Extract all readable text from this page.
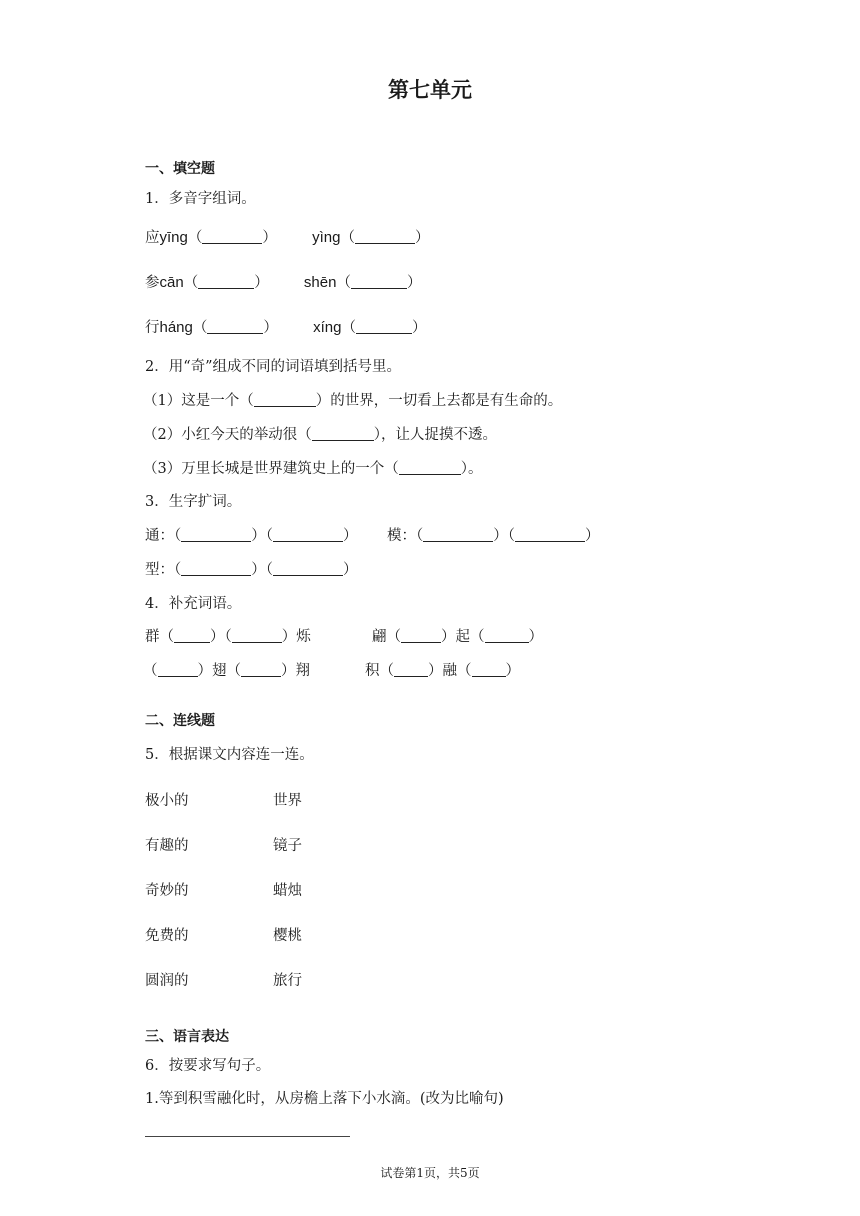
第七单元
一、填空题
1．多音字组词。
应yīng（	）  yìng（	）
参cān（	）  shēn（	）
行háng（	）  xíng（	）
2．用“奇”组成不同的词语填到括号里。
（1）这是一个（	）的世界，一切看上去都是有生命的。
（2）小红今天的举动很（	），让人捉摸不透。
（3）万里长城是世界建筑史上的一个（	）。
3．生字扩词。
通：（	）（	） 模：（	）（	）
型：（	）（	）
4．补充词语。
群（ ）（	）烁	翩（	）起（	）
（	）翅（	）翔	积（ ）融（ ）
二、连线题
5．根据课文内容连一连。
极小的	世界
有趣的	镜子
奇妙的	蜡烛
免费的	樱桃
圆润的	旅行
三、语言表达
6．按要求写句子。
1.等到积雪融化时，从房檐上落下小水滴。(改为比喻句)
试卷第1页，共5页
